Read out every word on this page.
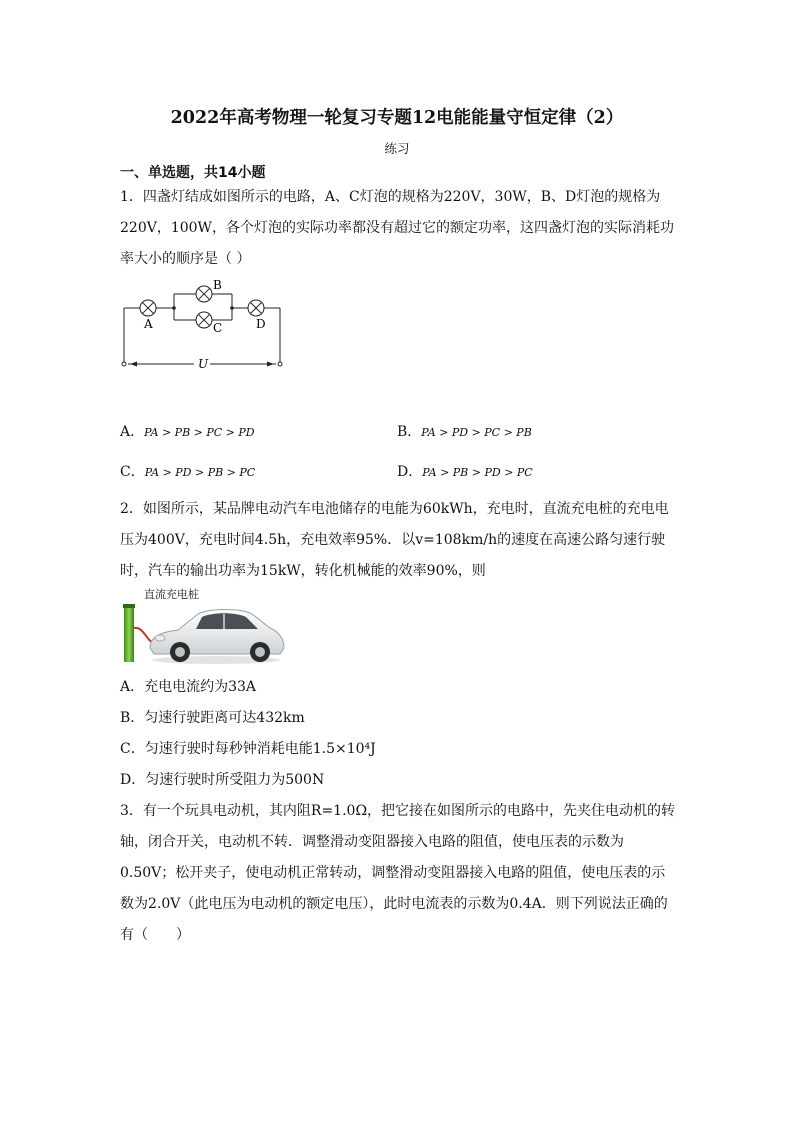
2022年高考物理一轮复习专题12电能能量守恒定律（2）
练习
一、单选题，共14小题
1．四盏灯结成如图所示的电路，A、C灯泡的规格为220V，30W，B、D灯泡的规格为
220V，100W，各个灯泡的实际功率都没有超过它的额定功率，这四盏灯泡的实际消耗功
率大小的顺序是（ ）
A
B
C	D
U
A．PA > PB > PC > PD	B．PA > PD > PC > PB
C．PA > PD > PB > PC	D．PA > PB > PD > PC
2．如图所示，某品牌电动汽车电池储存的电能为60kWh，充电时，直流充电桩的充电电
压为400V，充电时间4.5h，充电效率95%．以v=108km/h的速度在高速公路匀速行驶
时，汽车的输出功率为15kW，转化机械能的效率90%，则
直流充电桩
A．充电电流约为33A
B．匀速行驶距离可达432km
C．匀速行驶时每秒钟消耗电能1.5×10⁴J
D．匀速行驶时所受阻力为500N
3．有一个玩具电动机，其内阻R=1.0Ω，把它接在如图所示的电路中，先夹住电动机的转
轴，闭合开关，电动机不转．调整滑动变阻器接入电路的阻值，使电压表的示数为
0.50V；松开夹子，使电动机正常转动，调整滑动变阻器接入电路的阻值，使电压表的示
数为2.0V（此电压为电动机的额定电压），此时电流表的示数为0.4A．则下列说法正确的
有（　　）
